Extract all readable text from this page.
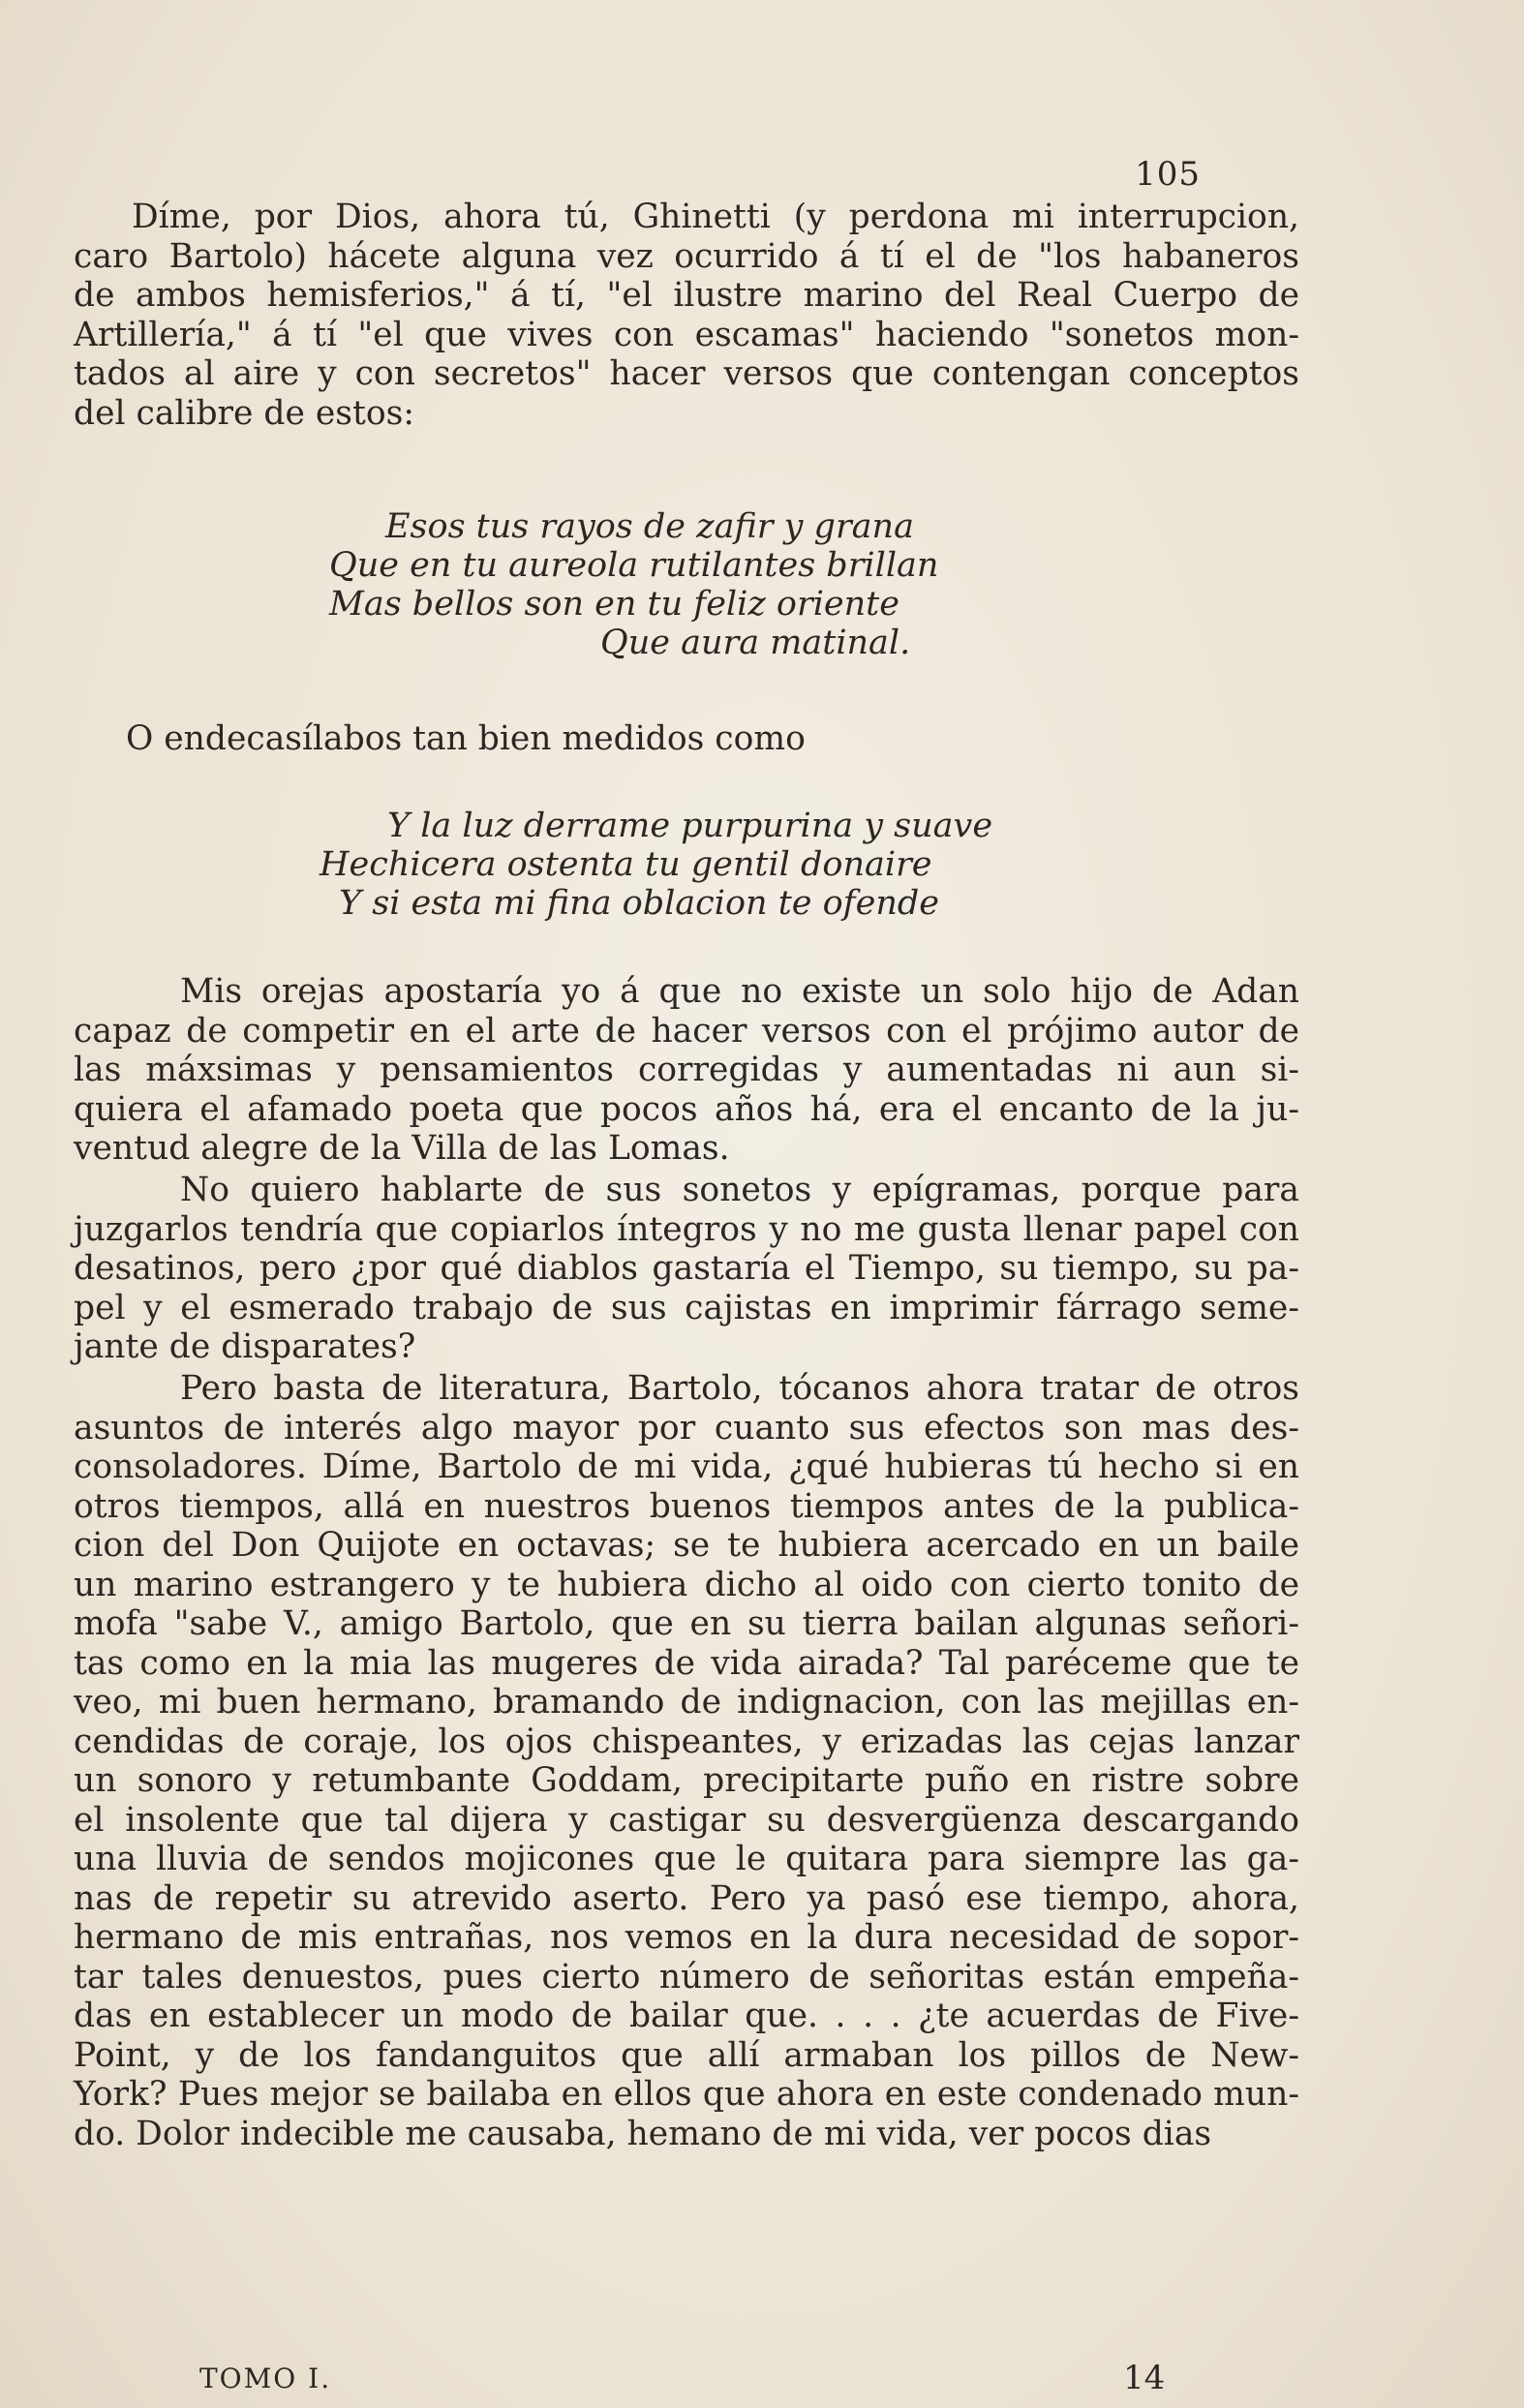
105
Díme, por Dios, ahora tú, Ghinetti (y perdona mi interrupcion,
caro Bartolo) hácete alguna vez ocurrido á tí el de "los habaneros
de ambos hemisferios," á tí, "el ilustre marino del Real Cuerpo de
Artillería," á tí "el que vives con escamas" haciendo "sonetos mon-
tados al aire y con secretos" hacer versos que contengan conceptos
del calibre de estos:
Esos tus rayos de zafir y grana
Que en tu aureola rutilantes brillan
Mas bellos son en tu feliz oriente
Que aura matinal.
O endecasílabos tan bien medidos como
Y la luz derrame purpurina y suave
Hechicera ostenta tu gentil donaire
Y si esta mi fina oblacion te ofende
Mis orejas apostaría yo á que no existe un solo hijo de Adan
capaz de competir en el arte de hacer versos con el prójimo autor de
las máxsimas y pensamientos corregidas y aumentadas ni aun si-
quiera el afamado poeta que pocos años há, era el encanto de la ju-
ventud alegre de la Villa de las Lomas.
No quiero hablarte de sus sonetos y epígramas, porque para
juzgarlos tendría que copiarlos íntegros y no me gusta llenar papel con
desatinos, pero ¿por qué diablos gastaría el Tiempo, su tiempo, su pa-
pel y el esmerado trabajo de sus cajistas en imprimir fárrago seme-
jante de disparates?
Pero basta de literatura, Bartolo, tócanos ahora tratar de otros
asuntos de interés algo mayor por cuanto sus efectos son mas des-
consoladores. Díme, Bartolo de mi vida, ¿qué hubieras tú hecho si en
otros tiempos, allá en nuestros buenos tiempos antes de la publica-
cion del Don Quijote en octavas; se te hubiera acercado en un baile
un marino estrangero y te hubiera dicho al oido con cierto tonito de
mofa "sabe V., amigo Bartolo, que en su tierra bailan algunas señori-
tas como en la mia las mugeres de vida airada? Tal paréceme que te
veo, mi buen hermano, bramando de indignacion, con las mejillas en-
cendidas de coraje, los ojos chispeantes, y erizadas las cejas lanzar
un sonoro y retumbante Goddam, precipitarte puño en ristre sobre
el insolente que tal dijera y castigar su desvergüenza descargando
una lluvia de sendos mojicones que le quitara para siempre las ga-
nas de repetir su atrevido aserto. Pero ya pasó ese tiempo, ahora,
hermano de mis entrañas, nos vemos en la dura necesidad de sopor-
tar tales denuestos, pues cierto número de señoritas están empeña-
das en establecer un modo de bailar que. . . . ¿te acuerdas de Five-
Point, y de los fandanguitos que allí armaban los pillos de New-
York? Pues mejor se bailaba en ellos que ahora en este condenado mun-
do. Dolor indecible me causaba, hemano de mi vida, ver pocos dias
TOMO I.	14
